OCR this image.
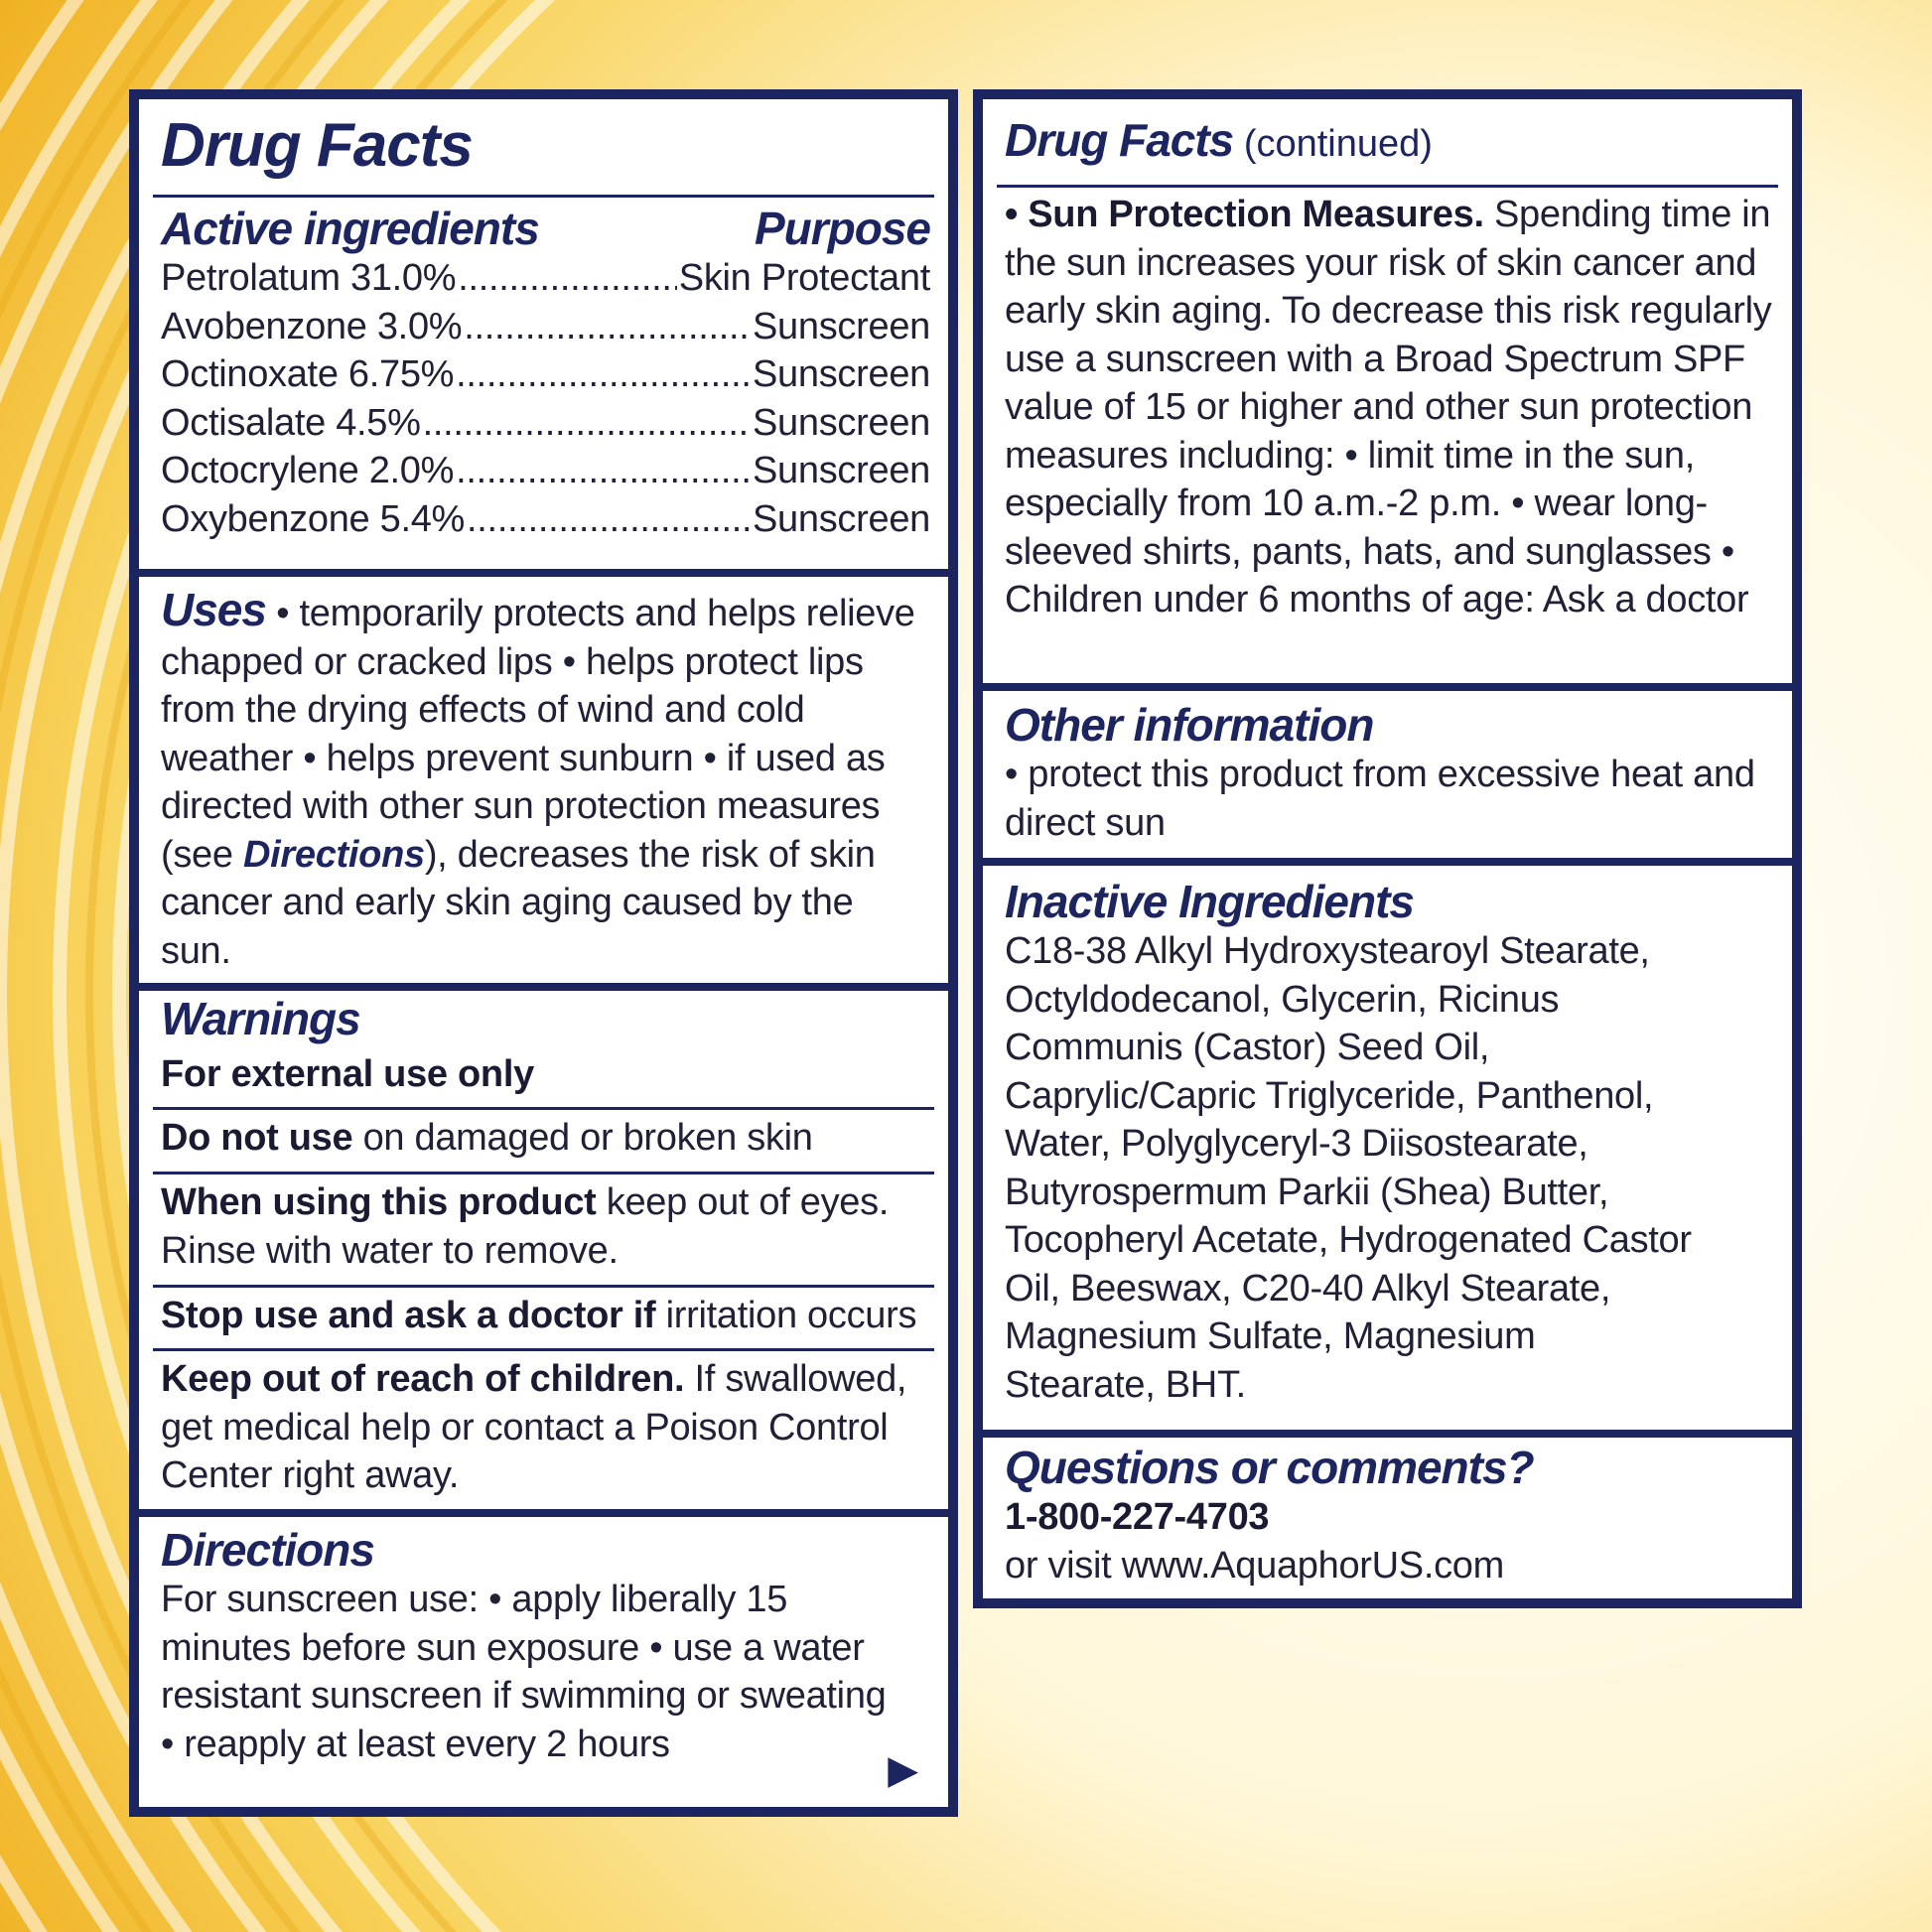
Drug Facts
Active ingredients	Purpose
Petrolatum 31.0% .....	Skin Protectant
Avobenzone 3.0% .....	Sunscreen
Octinoxate 6.75% .....	Sunscreen
Octisalate 4.5% .....	Sunscreen
Octocrylene 2.0% .....	Sunscreen
Oxybenzone 5.4% .....	Sunscreen
Uses • temporarily protects and helps relieve chapped or cracked lips • helps protect lips from the drying effects of wind and cold weather • helps prevent sunburn • if used as directed with other sun protection measures (see Directions), decreases the risk of skin cancer and early skin aging caused by the sun.
Warnings
For external use only
Do not use on damaged or broken skin
When using this product keep out of eyes. Rinse with water to remove.
Stop use and ask a doctor if irritation occurs
Keep out of reach of children. If swallowed, get medical help or contact a Poison Control Center right away.
Directions
For sunscreen use: • apply liberally 15 minutes before sun exposure • use a water resistant sunscreen if swimming or sweating • reapply at least every 2 hours
▶
Drug Facts (continued)
• Sun Protection Measures. Spending time in the sun increases your risk of skin cancer and early skin aging. To decrease this risk regularly use a sunscreen with a Broad Spectrum SPF value of 15 or higher and other sun protection measures including: • limit time in the sun, especially from 10 a.m.-2 p.m. • wear long-sleeved shirts, pants, hats, and sunglasses • Children under 6 months of age: Ask a doctor
Other information
• protect this product from excessive heat and direct sun
Inactive Ingredients
C18-38 Alkyl Hydroxystearoyl Stearate, Octyldodecanol, Glycerin, Ricinus Communis (Castor) Seed Oil, Caprylic/Capric Triglyceride, Panthenol, Water, Polyglyceryl-3 Diisostearate, Butyrospermum Parkii (Shea) Butter, Tocopheryl Acetate, Hydrogenated Castor Oil, Beeswax, C20-40 Alkyl Stearate, Magnesium Sulfate, Magnesium Stearate, BHT.
Questions or comments?
1-800-227-4703
or visit www.AquaphorUS.com
